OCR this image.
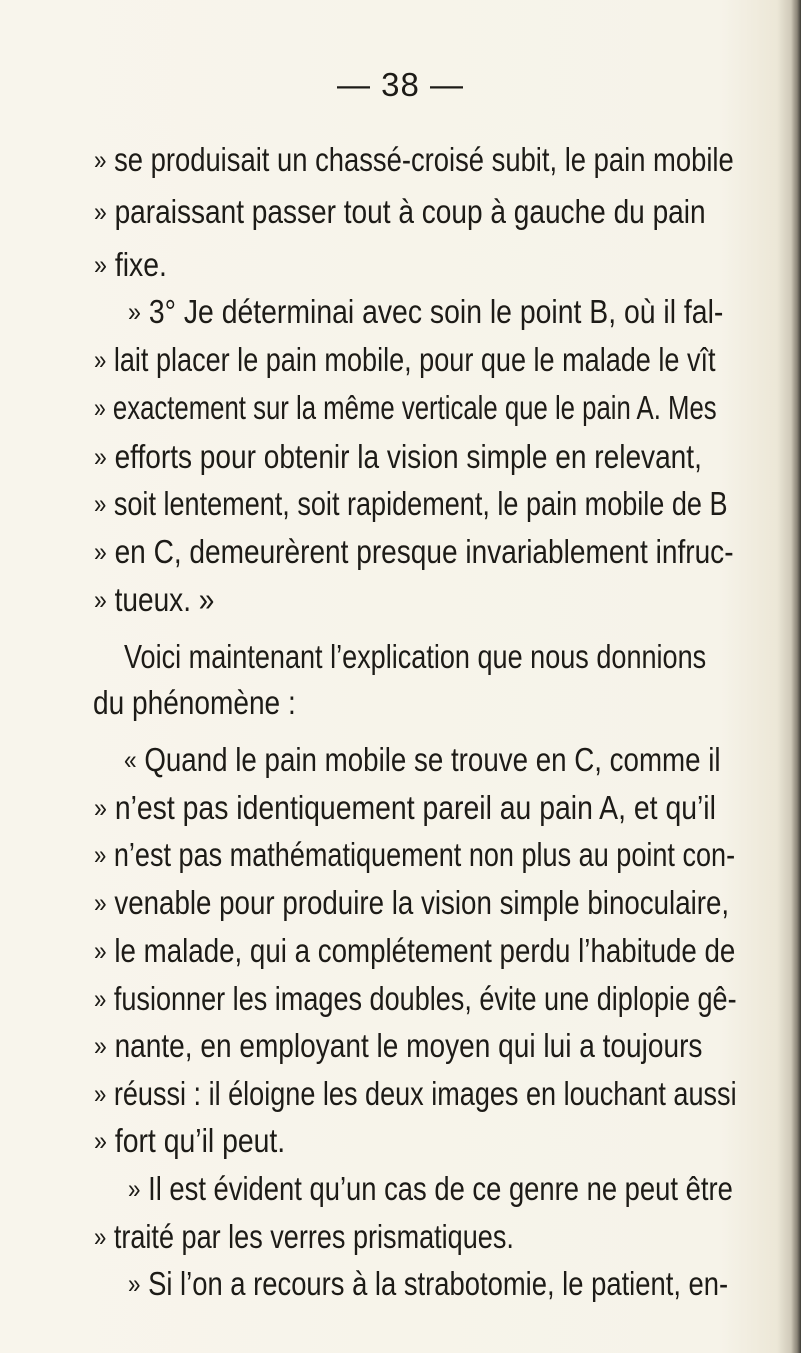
— 38 —
» se produisait un chassé-croisé subit, le pain mobile
» paraissant passer tout à coup à gauche du pain
» fixe.
» 3° Je déterminai avec soin le point B, où il fal-
» lait placer le pain mobile, pour que le malade le vît
» exactement sur la même verticale que le pain A. Mes
» efforts pour obtenir la vision simple en relevant,
» soit lentement, soit rapidement, le pain mobile de B
» en C, demeurèrent presque invariablement infruc-
» tueux. »
Voici maintenant l’explication que nous donnions
du phénomène :
« Quand le pain mobile se trouve en C, comme il
» n’est pas identiquement pareil au pain A, et qu’il
» n’est pas mathématiquement non plus au point con-
» venable pour produire la vision simple binoculaire,
» le malade, qui a complétement perdu l’habitude de
» fusionner les images doubles, évite une diplopie gê-
» nante, en employant le moyen qui lui a toujours
» réussi : il éloigne les deux images en louchant aussi
» fort qu’il peut.
» Il est évident qu’un cas de ce genre ne peut être
» traité par les verres prismatiques.
» Si l’on a recours à la strabotomie, le patient, en-
